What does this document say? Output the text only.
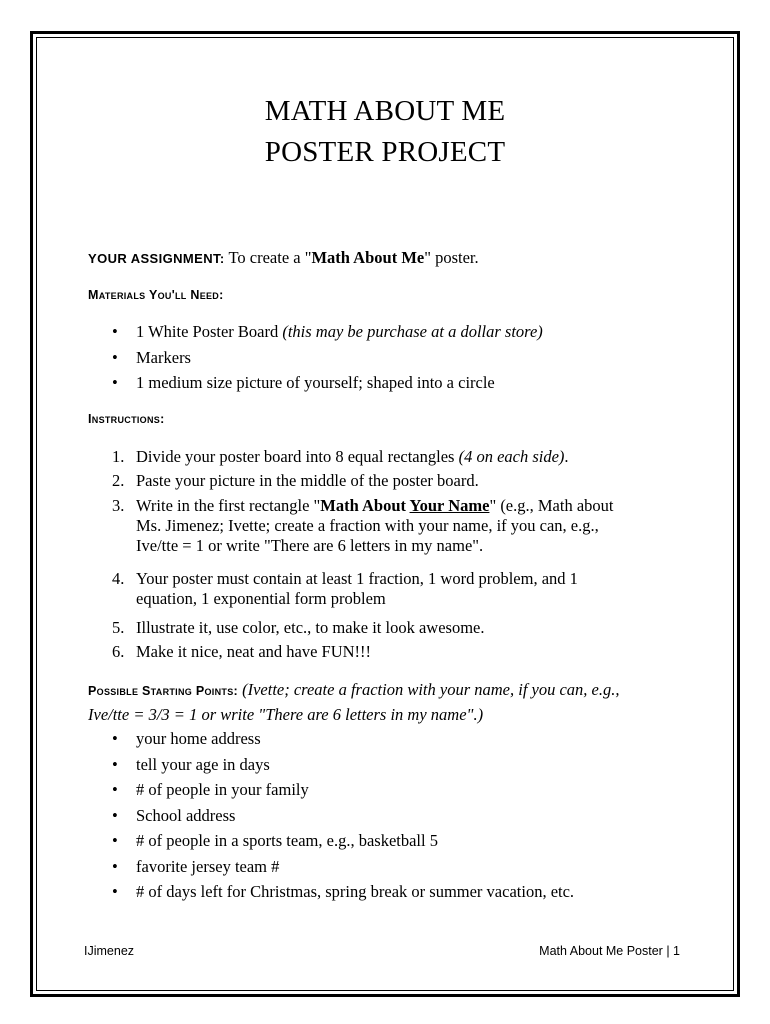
MATH ABOUT ME
POSTER PROJECT
YOUR ASSIGNMENT: To create a "Math About Me" poster.
Materials You'll Need:
• 1 White Poster Board (this may be purchase at a dollar store)
• Markers
• 1 medium size picture of yourself; shaped into a circle
Instructions:
1. Divide your poster board into 8 equal rectangles (4 on each side).
2. Paste your picture in the middle of the poster board.
3. Write in the first rectangle "Math About Your Name" (e.g., Math about
Ms. Jimenez; Ivette; create a fraction with your name, if you can, e.g.,
Ive/tte = 1 or write "There are 6 letters in my name".
4. Your poster must contain at least 1 fraction, 1 word problem, and 1
equation, 1 exponential form problem
5. Illustrate it, use color, etc., to make it look awesome.
6. Make it nice, neat and have FUN!!!
Possible Starting Points: (Ivette; create a fraction with your name, if you can, e.g.,
Ive/tte = 3/3 = 1 or write "There are 6 letters in my name".)
• your home address
• tell your age in days
• # of people in your family
• School address
• # of people in a sports team, e.g., basketball 5
• favorite jersey team #
• # of days left for Christmas, spring break or summer vacation, etc.
IJimenez	Math About Me Poster | 1
